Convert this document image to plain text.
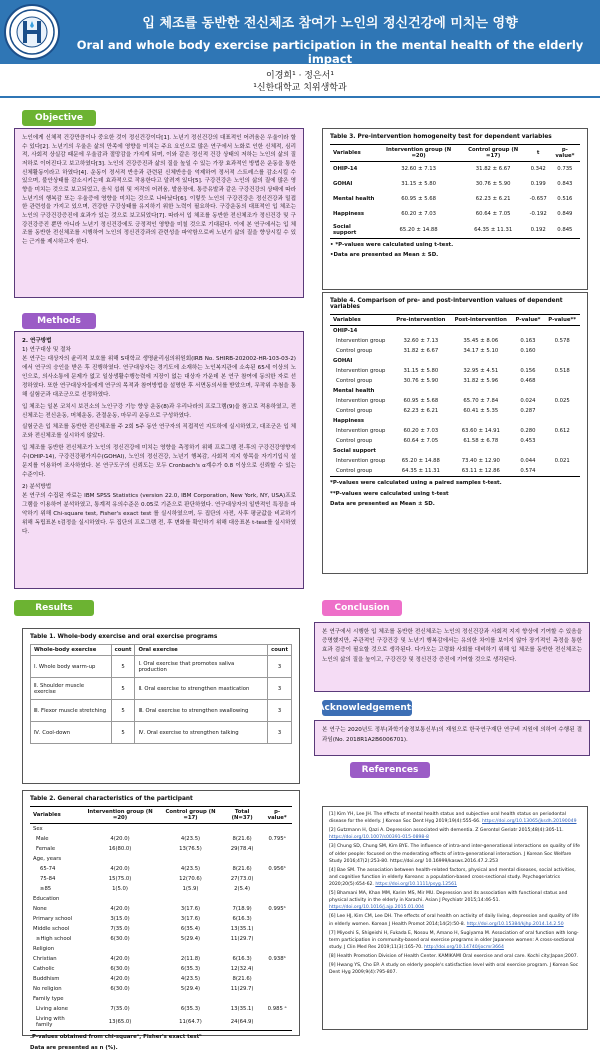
입 체조를 동반한 전신체조 참여가 노인의 정신건강에 미치는 영향
Oral and whole body exercise participation in the mental health of the elderly impact
이경희¹ · 정은서¹
¹신한대학교 치위생학과
Objective
노인에게 신체적 건강만큼이나 중요한 것이 정신건강이다[1]. 노년기 정신건강의 대표적인 어려움은 우울이라 할 수 있다[2]. 노년기의 우울은 삶의 만족에 영향을 미치는 주요 요인으로 많은 연구에서 노화로 인한 신체적, 심리적, 사회적 상실감 때문에 우울감과 절망감을 가지게 되며, 이와 같은 정신적 건강 상태의 저하는 노인의 삶의 질 저하로 이어진다고 보고하였다[3]. 노인의 건강증진과 삶의 질을 높일 수 있는 가장 효과적인 방법은 운동을 통한 신체활동이라고 하였다[4]. 운동이 정서적 반응과 관련된 신체반응을 억제하여 정서적 스트레스를 감소시킬 수 있으며, 불안상태를 감소시키는데 효과적으로 작용한다고 알려져 있다[5]. 구강건강은 노인의 삶의 질에 많은 영향을 미치는 것으로 보고되었고, 음식 섭취 및 저작의 어려움, 발음장애, 통증유발과 같은 구강건강의 상태에 따라 노년기의 행복감 또는 우울증에 영향을 미치는 것으로 나타났다[6]. 이렇듯 노인의 구강건강은 정신건강과 밀접한 관련성을 가지고 있으며, 건강한 구강상태를 유지하기 위한 노력이 필요하다. 구강운동의 대표적인 입 체조는 노인의 구강건강증진에 효과가 있는 것으로 보고되었다[7]. 따라서 입 체조를 동반한 전신체조가 정신건강 및 구강건강증진 뿐만 아니라 노년기 정신건강에도 긍정적인 영향을 미칠 것으로 기대된다. 이에 본 연구에서는 입 체조를 동반한 전신체조를 시행하여 노인의 정신건강과의 관련성을 파악함으로써 노년기 삶의 질을 향상시킬 수 있는 근거를 제시하고자 한다.
Methods

2. 연구방법

1) 연구대상 및 절차

본 연구는 대상자의 윤리적 보호를 위해 S대학교 생명윤리심의위원회(IRB No. SHIRB-202002-HR-103-03-2)에서 연구의 승인을 받은 후 진행하였다. 연구대상자는 경기도에 소재하는 노인복지관에 소속된 65세 이상의 노인으로, 의사소통에 문제가 없고 일상생활수행능력에 지장이 없는 대상자 가운데 본 연구 참여에 동의한 자로 선정하였다. 또한 연구대상자들에게 연구의 목적과 참여방법을 설명한 후 서면동의서를 받았으며, 무작위 추첨을 통해 실험군과 대조군으로 선정하였다.

입 체조는 일본 코치시 보건소의 노인구강 기능 향상 운동(8)과 우리나라의 프로그램(9)을 참고로 적용하였고, 전신체조는 전신운동, 머체운동, 관절운동, 마무리 운동으로 구성하였다.

실험군은 입 체조를 동반한 전신체조를 주 2회 5주 동안 연구자의 직접적인 지도하에 실시하였고, 대조군은 입 체조와 전신체조를 실시하지 않았다.

입 체조를 동반한 전신체조가 노인의 정신건강에 미치는 영향을 측정하기 위해 프로그램 전·후의 구강건강영향지수(OHIP-14), 구강건강평가지수(GOHAI), 노인의 정신건강, 노년기 행복감, 사회적 지지 항목을 자기기입식 설문지를 이용하여 조사하였다. 본 연구도구의 신뢰도는 모두 Cronbach's α계수가 0.8 이상으로 신뢰할 수 있는 수준이다.

2) 분석방법

본 연구의 수집된 자료는 IBM SPSS Statistics (version 22.0, IBM Corporation, New York, NY, USA)프로그램을 이용하여 분석하였고, 통계적 유의수준은 0.05로 기준으로 판단하였다. 연구대상자의 일반적인 특징을 파악하기 위해 Chi-square test, Fisher's exact test 를 실시하였으며, 두 집단의 사전, 사후 평균값을 비교하기 위해 독립표본 t검정을 실시하였다. 두 집단의 프로그램 전, 후 변화를 확인하기 위해 대응표본 t-test를 실시하였다.

Results
Table 1. Whole-body exercise and oral exercise programs
Whole-body exercise	count	Oral exercise	count
Ⅰ. Whole body warm-up	5	Ⅰ. Oral exercise that promotes saliva production	3
Ⅱ. Shoulder muscle exercise	5	Ⅱ. Oral exercise to strengthen mastication	3
Ⅲ. Flexor muscle stretching	5	Ⅲ. Oral exercise to strengthen swallowing	3
Ⅳ. Cool-down	5	Ⅳ. Oral exercise to strengthen talking	3
Table 2. General characteristics of the participant
Variables	Intervention group (N =20)	Control group (N =17)	Total (N=37)	p-value*
Sex				
Male	4(20.0)	4(23.5)	8(21.6)	0.795ᵃ
Female	16(80.0)	13(76.5)	29(78.4)	
Age, years				
65-74	4(20.0)	4(23.5)	8(21.6)	0.956ᵇ
75-84	15(75.0)	12(70.6)	27(73.0)	
≥85	1(5.0)	1(5.9)	2(5.4)	
Education				
None	4(20.0)	3(17.6)	7(18.9)	0.995ᵇ
Primary school	3(15.0)	3(17.6)	6(16.3)	
Middle school	7(35.0)	6(35.4)	13(35.1)	
≥High school	6(30.0)	5(29.4)	11(29.7)	
Religion				
Christian	4(20.0)	2(11.8)	6(16.3)	0.938ᵇ
Catholic	6(30.0)	6(35.3)	12(32.4)	
Buddhism	4(20.0)	4(23.5)	8(21.6)	
No religion	6(30.0)	5(29.4)	11(29.7)	
Family type				
Living alone	7(35.0)	6(35.3)	13(35.1)	0.985 ᵃ
Living with family	13(65.0)	11(64.7)	24(64.9)	
.P-values obtained from chi-squareᵃ, Fisher's exact testᵇ
Data are presented as n (%).
Table 3. Pre-intervention homogeneity test for dependent variables
Variables	Intervention group (N =20)	Control group (N =17)	t	p-value*
OHIP-14	32.60 ± 7.13	31.82 ± 6.67	0.342	0.735
GOHAI	31.15 ± 5.80	30.76 ± 5.90	0.199	0.843
Mental health	60.95 ± 5.68	62.23 ± 6.21	-0.657	0.516
Happiness	60.20 ± 7.03	60.64 ± 7.05	-0.192	0.849
Social support	65.20 ± 14.88	64.35 ± 11.31	0.192	0.845
• *P-values were calculated using t-test.
•Data are presented as Mean ± SD.
Table 4. Comparison of pre- and post-intervention values of dependent variables
Variables	Pre-intervention	Post-intervention	P-value*	P-value**
OHIP-14				
Intervention group	32.60 ± 7.13	35.45 ± 8.06	0.163	0.578
Control group	31.82 ± 6.67	34.17 ± 5.10	0.160	
GOHAI				
Intervention group	31.15 ± 5.80	32.95 ± 4.51	0.156	0.518
Control group	30.76 ± 5.90	31.82 ± 5.96	0.468	
Mental health				
Intervention group	60.95 ± 5.68	65.70 ± 7.84	0.024	0.025
Control group	62.23 ± 6.21	60.41 ± 5.35	0.287	
Happiness				
Intervention group	60.20 ± 7.03	63.60 ± 14.91	0.280	0.612
Control group	60.64 ± 7.05	61.58 ± 6.78	0.453	
Social support				
Intervention group	65.20 ± 14.88	73.40 ± 12.90	0.044	0.021
Control group	64.35 ± 11.31	63.11 ± 12.86	0.574	
*P-values were calculated using a paired samples t-test.
**P-values were calculated using t-test
Data are presented as Mean ± SD.
Conclusion
본 연구에서 시행한 입 체조를 동반한 전신체조는 노인의 정신건강과 사회적 지지 향상에 기여할 수 있음을 증명했지만, 주관적인 구강건강 및 노년기 행복감에서는 유의한 차이를 보이지 않아 장기적인 측정을 통한 효과 검증이 필요할 것으로 생각된다. 다가오는 고령화 사회를 대비하기 위해 입 체조를 동반한 전신체조는 노인의 삶의 질을 높이고, 구강건강 및 정신건강 증진에 기여할 것으로 생각된다.
Acknowledgements
본 연구는 2020년도 정부(과학기술정보통신부)의 재원으로 한국연구재단 연구비 지원에 의하여 수행된 결과임(No. 2018R1A2B6006701).
References

[1] Kim YH, Lee JH. The effects of mental health status and subjective oral health status on periodontal disease for the elderly. J Korean Soc Dent Hyg 2019;19(4):555-66. https://doi.org/10.13065/jksdh.20190049

[2] Gutzmann H, Qazi A. Depression associated with dementia. Z Gerontol Geriatr 2015;48(4):305-11. https://doi.org/10.1007/s00391-015-0898-8

[3] Chung SD, Chung SM, Kim BYE. The influence of intra-and inter-generational interactions on quality of life of older people: focused on the moderating effects of intra-generational interaction. J Korean Soc Welfare Study 2016;47(2):253-80. https://doi.org/ 10.16999/kasws.2016.47.2.253

[4] Bae SM. The association between health-related factors, physical and mental diseases, social activities, and cognitive function in elderly Koreans: a population-based cross-sectional study. Psychogeriatrics 2020;20(5):654-62. https://doi.org/10.1111/psyg.12561

[5] Bhamani MA, Khan MM, Karim MS, Mir MU. Depression and its association with functional status and physical activity in the elderly in Karachi. Asian J Psychiatr 2015;14:46-51. https://doi.org/10.1016/j.ajp.2015.01.004

[6] Lee HJ, Kim CM, Lee DH. The effects of oral health on activity of daily living, depression and quality of life in elderly women. Korean J Health Promot 2014;14(2):50-8. http://doi.org/10.15384/kjhp.2014.14.2.50

[7] Miyoshi S, Shigeishi H, Fukada E, Nosou M, Amano H, Sugiyama M. Association of oral function with long-term participation in community-based oral exercise programs in older Japanese women: A cross-sectional study. J Clin Med Res 2019;11(3):165-70. http://doi.org/10.14740/jocmr3664

[8] Health Promotion Division of Health Center. KAMIKAMI Oral exercise and oral care. Kochi city:Japan;2007.

[9] Hwang YS, Cho EP. A study on elderly people's satisfaction level with oral exercise program. J Korean Soc Dent Hyg 2009;9(4):795-807.
